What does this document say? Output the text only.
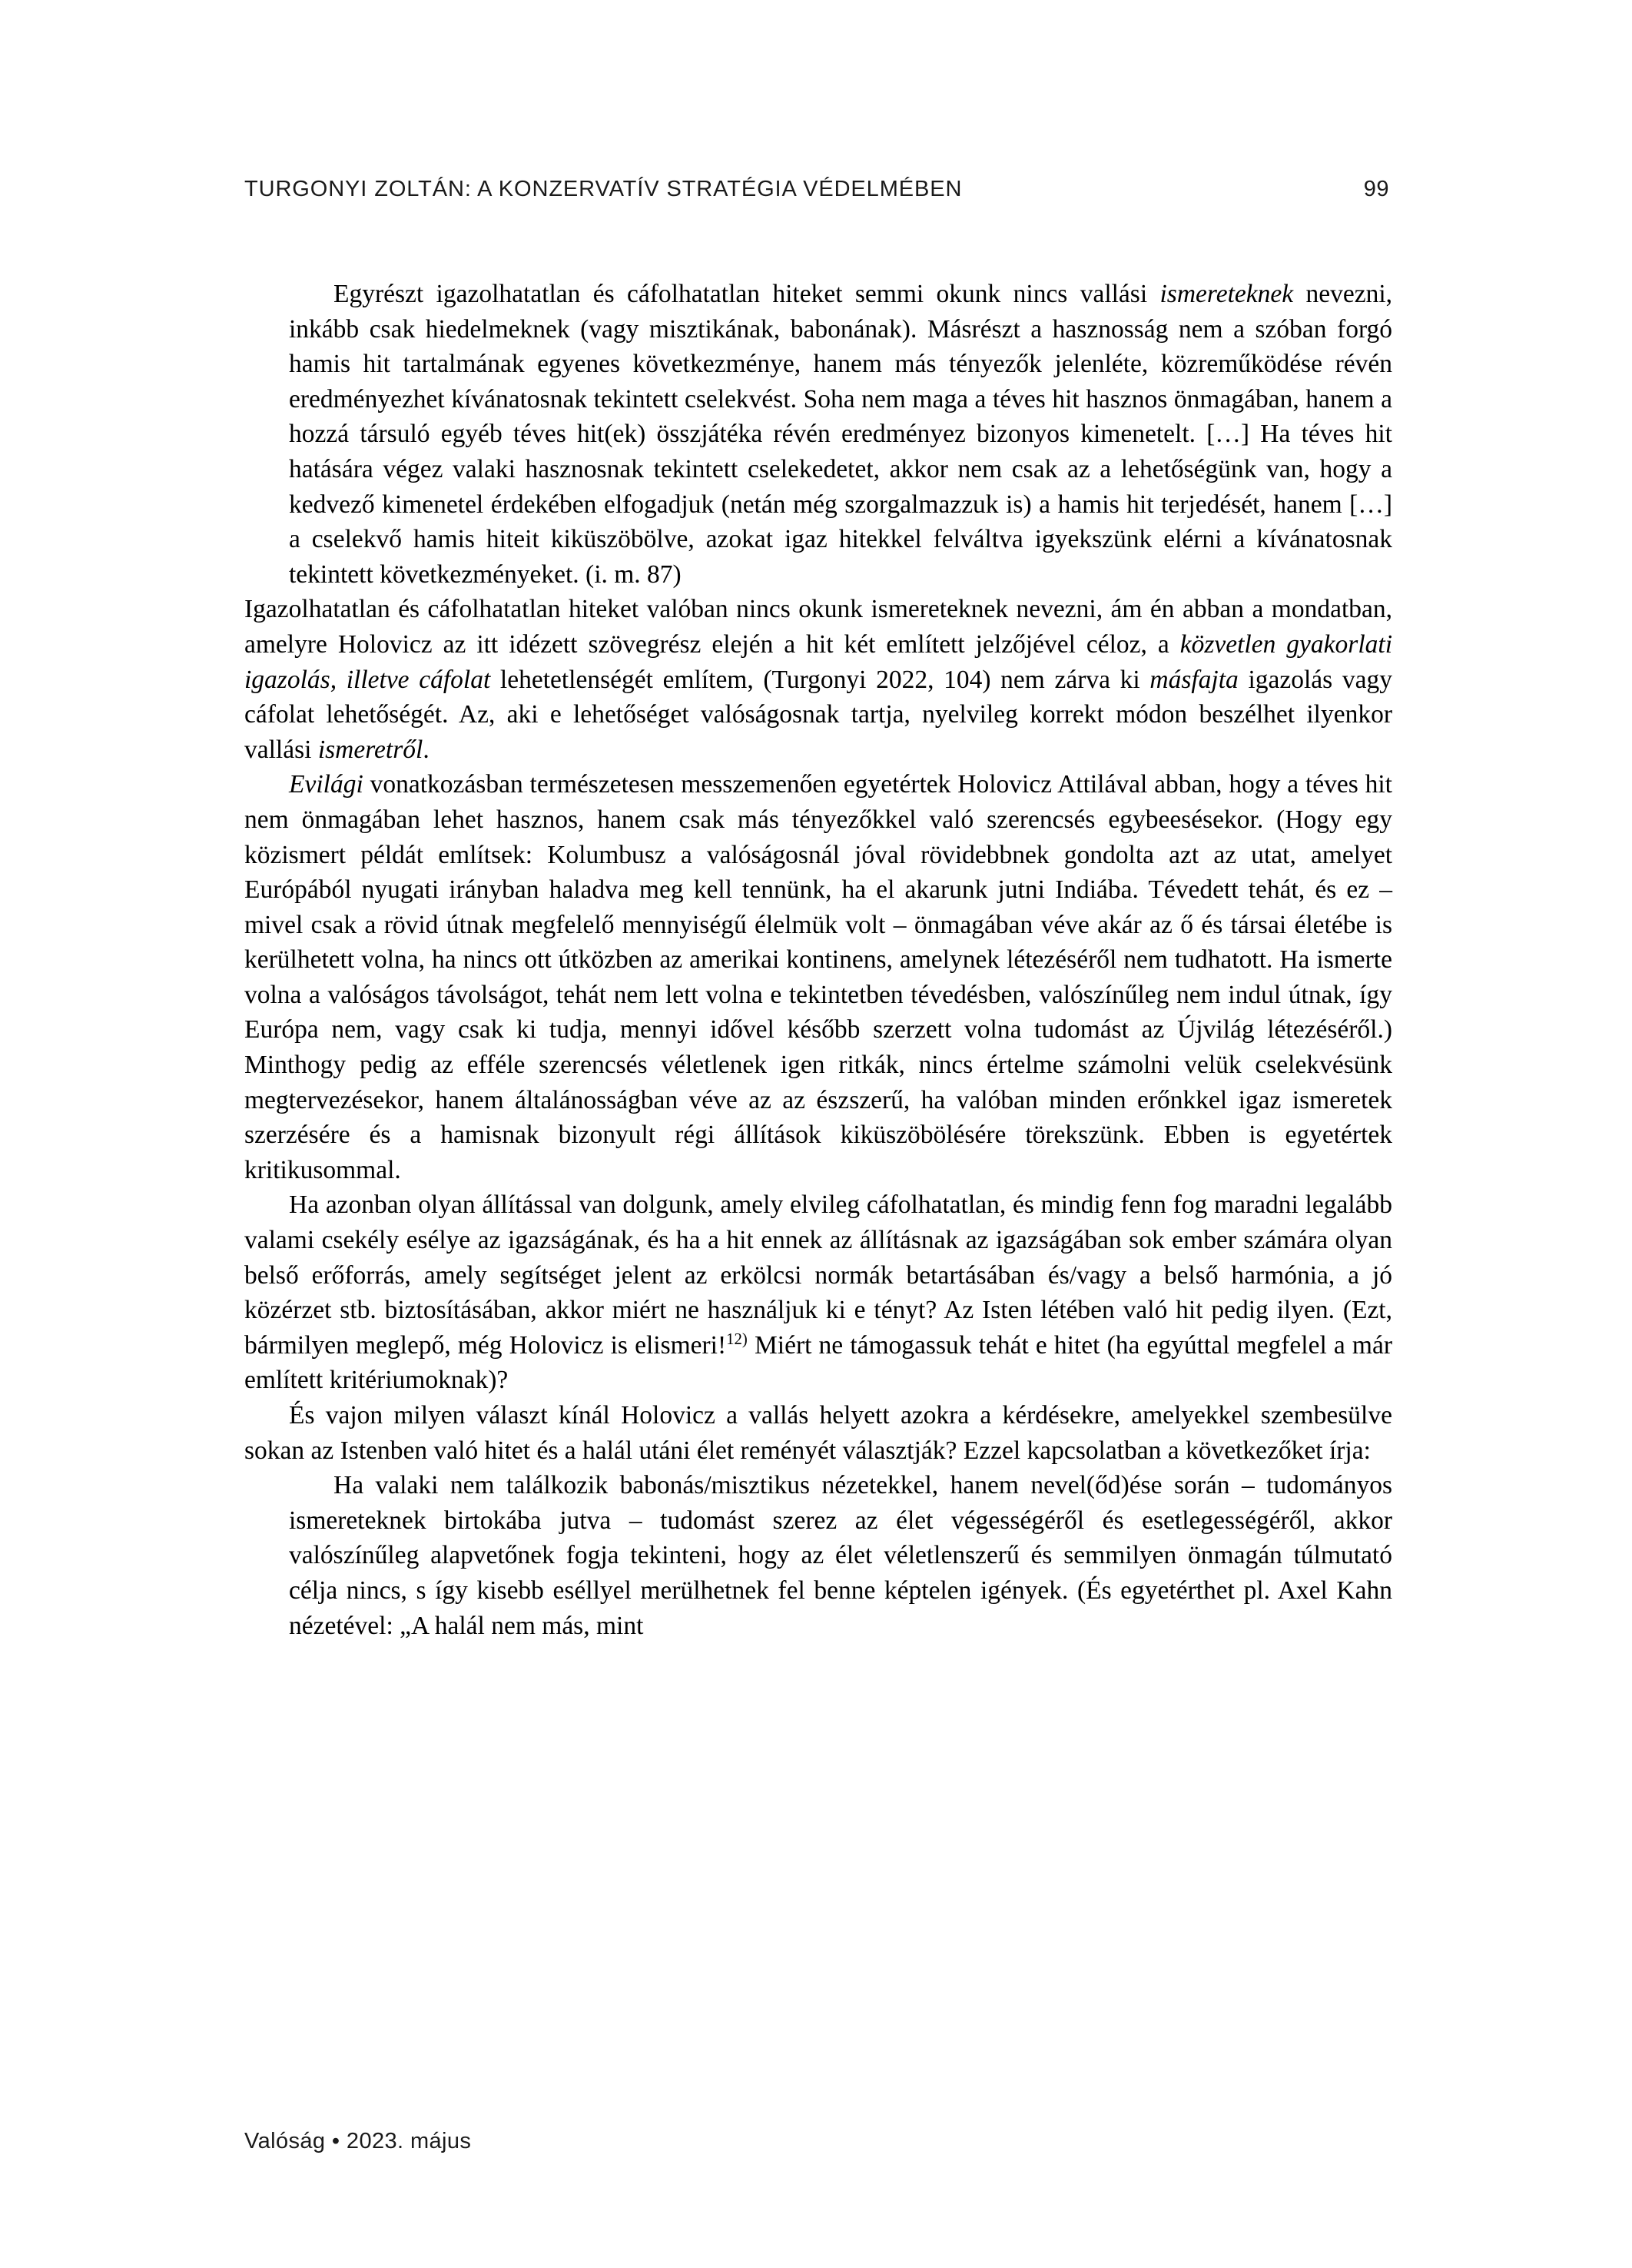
TURGONYI ZOLTÁN: A KONZERVATÍV STRATÉGIA VÉDELMÉBEN	99

Egyrészt igazolhatatlan és cáfolhatatlan hiteket semmi okunk nincs vallási ismereteknek nevezni, inkább csak hiedelmeknek (vagy misztikának, babonának). Másrészt a hasznosság nem a szóban forgó hamis hit tartalmának egyenes következménye, hanem más tényezők jelenléte, közreműködése révén eredményezhet kívánatosnak tekintett cselekvést. Soha nem maga a téves hit hasznos önmagában, hanem a hozzá társuló egyéb téves hit(ek) összjátéka révén eredményez bizonyos kimenetelt. […] Ha téves hit hatására végez valaki hasznosnak tekintett cselekedetet, akkor nem csak az a lehetőségünk van, hogy a kedvező kimenetel érdekében elfogadjuk (netán még szorgalmazzuk is) a hamis hit terjedését, hanem […] a cselekvő hamis hiteit kiküszöbölve, azokat igaz hitekkel felváltva igyekszünk elérni a kívánatosnak tekintett következményeket. (i. m. 87)

Igazolhatatlan és cáfolhatatlan hiteket valóban nincs okunk ismereteknek nevezni, ám én abban a mondatban, amelyre Holovicz az itt idézett szövegrész elején a hit két említett jelzőjével céloz, a közvetlen gyakorlati igazolás, illetve cáfolat lehetetlenségét említem, (Turgonyi 2022, 104) nem zárva ki másfajta igazolás vagy cáfolat lehetőségét. Az, aki e lehetőséget valóságosnak tartja, nyelvileg korrekt módon beszélhet ilyenkor vallási ismeretről.

Evilági vonatkozásban természetesen messzemenően egyetértek Holovicz Attilával abban, hogy a téves hit nem önmagában lehet hasznos, hanem csak más tényezőkkel való szerencsés egybeesésekor. (Hogy egy közismert példát említsek: Kolumbusz a valóságosnál jóval rövidebbnek gondolta azt az utat, amelyet Európából nyugati irányban haladva meg kell tennünk, ha el akarunk jutni Indiába. Tévedett tehát, és ez – mivel csak a rövid útnak megfelelő mennyiségű élelmük volt – önmagában véve akár az ő és társai életébe is kerülhetett volna, ha nincs ott útközben az amerikai kontinens, amelynek létezéséről nem tudhatott. Ha ismerte volna a valóságos távolságot, tehát nem lett volna e tekintetben tévedésben, valószínűleg nem indul útnak, így Európa nem, vagy csak ki tudja, mennyi idővel később szerzett volna tudomást az Újvilág létezéséről.) Minthogy pedig az efféle szerencsés véletlenek igen ritkák, nincs értelme számolni velük cselekvésünk megtervezésekor, hanem általánosságban véve az az észszerű, ha valóban minden erőnkkel igaz ismeretek szerzésére és a hamisnak bizonyult régi állítások kiküszöbölésére törekszünk. Ebben is egyetértek kritikusommal.

Ha azonban olyan állítással van dolgunk, amely elvileg cáfolhatatlan, és mindig fenn fog maradni legalább valami csekély esélye az igazságának, és ha a hit ennek az állításnak az igazságában sok ember számára olyan belső erőforrás, amely segítséget jelent az erkölcsi normák betartásában és/vagy a belső harmónia, a jó közérzet stb. biztosításában, akkor miért ne használjuk ki e tényt? Az Isten létében való hit pedig ilyen. (Ezt, bármilyen meglepő, még Holovicz is elismeri!$^{12)}$ Miért ne támogassuk tehát e hitet (ha egyúttal megfelel a már említett kritériumoknak)?

És vajon milyen választ kínál Holovicz a vallás helyett azokra a kérdésekre, amelyekkel szembesülve sokan az Istenben való hitet és a halál utáni élet reményét választják? Ezzel kapcsolatban a következőket írja:

Ha valaki nem találkozik babonás/misztikus nézetekkel, hanem nevel(őd)ése során – tudományos ismereteknek birtokába jutva – tudomást szerez az élet végességéről és esetlegességéről, akkor valószínűleg alapvetőnek fogja tekinteni, hogy az élet véletlenszerű és semmilyen önmagán túlmutató célja nincs, s így kisebb eséllyel merülhetnek fel benne képtelen igények. (És egyetérthet pl. Axel Kahn nézetével: „A halál nem más, mint

Valóság • 2023. május
